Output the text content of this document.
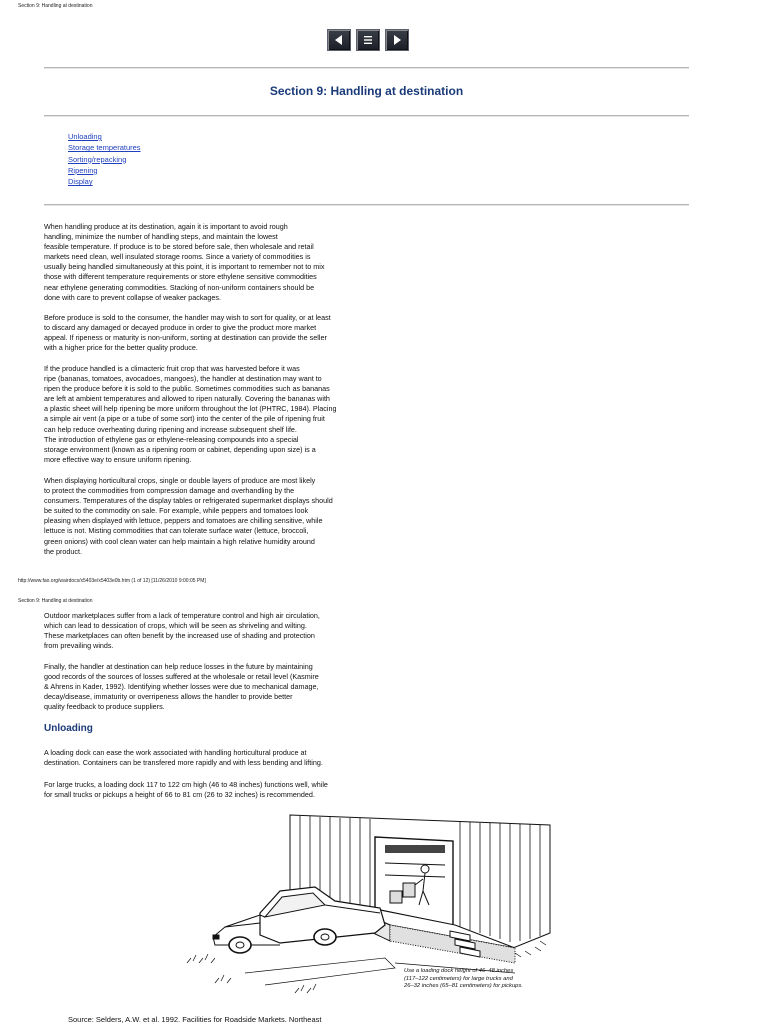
Section 9: Handling at destination
Section 9: Handling at destination
Unloading
Storage temperatures
Sorting/repacking
Ripening
Display
When handling produce at its destination, again it is important to avoid rough
handling, minimize the number of handling steps, and maintain the lowest
feasible temperature. If produce is to be stored before sale, then wholesale and retail
markets need clean, well insulated storage rooms. Since a variety of commodities is
usually being handled simultaneously at this point, it is important to remember not to mix
those with different temperature requirements or store ethylene sensitive commodities
near ethylene generating commodities. Stacking of non-uniform containers should be
done with care to prevent collapse of weaker packages.
Before produce is sold to the consumer, the handler may wish to sort for quality, or at least
to discard any damaged or decayed produce in order to give the product more market
appeal. If ripeness or maturity is non-uniform, sorting at destination can provide the seller
with a higher price for the better quality produce.
If the produce handled is a climacteric fruit crop that was harvested before it was
ripe (bananas, tomatoes, avocadoes, mangoes), the handler at destination may want to
ripen the produce before it is sold to the public. Sometimes commodities such as bananas
are left at ambient temperatures and allowed to ripen naturally. Covering the bananas with
a plastic sheet will help ripening be more uniform throughout the lot (PHTRC, 1984). Placing
a simple air vent (a pipe or a tube of some sort) into the center of the pile of ripening fruit
can help reduce overheating during ripening and increase subsequent shelf life.
The introduction of ethylene gas or ethylene-releasing compounds into a special
storage environment (known as a ripening room or cabinet, depending upon size) is a
more effective way to ensure uniform ripening.
When displaying horticultural crops, single or double layers of produce are most likely
to protect the commodities from compression damage and overhandling by the
consumers. Temperatures of the display tables or refrigerated supermarket displays should
be suited to the commodity on sale. For example, while peppers and tomatoes look
pleasing when displayed with lettuce, peppers and tomatoes are chilling sensitive, while
lettuce is not. Misting commodities that can tolerate surface water (lettuce, broccoli,
green onions) with cool clean water can help maintain a high relative humidity around
the product.
http://www.fao.org/wairdocs/x5403e/x5403e0b.htm (1 of 12) [11/26/2010 9:00:05 PM]
Section 9: Handling at destination
Outdoor marketplaces suffer from a lack of temperature control and high air circulation,
which can lead to dessication of crops, which will be seen as shriveling and wilting.
These marketplaces can often benefit by the increased use of shading and protection
from prevailing winds.
Finally, the handler at destination can help reduce losses in the future by maintaining
good records of the sources of losses suffered at the wholesale or retail level (Kasmire
& Ahrens in Kader, 1992). Identifying whether losses were due to mechanical damage,
decay/disease, immaturity or overripeness allows the handler to provide better
quality feedback to produce suppliers.
Unloading
A loading dock can ease the work associated with handling horticultural produce at
destination. Containers can be transfered more rapidly and with less bending and lifting.
For large trucks, a loading dock 117 to 122 cm high (46 to 48 inches) functions well, while
for small trucks or pickups a height of 66 to 81 cm (26 to 32 inches) is recommended.
Use a loading dock height of 46–48 inches
(117–122 centimeters) for large trucks and
26–32 inches (65–81 centimeters) for pickups.
Source: Selders, A.W. et al. 1992. Facilities for Roadside Markets. Northeast
